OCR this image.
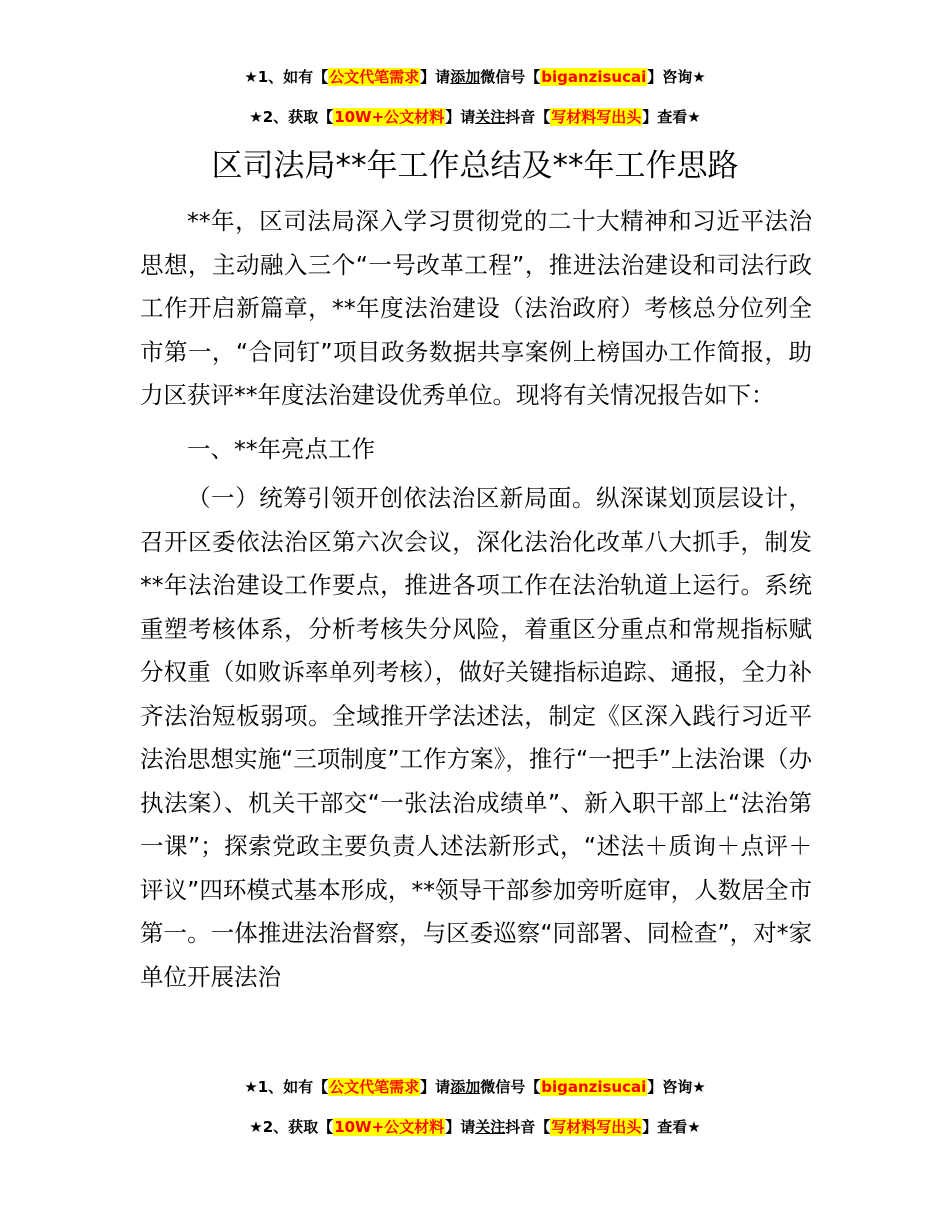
★1、如有【公文代笔需求】请添加微信号【biganzisucai】咨询★
★2、获取【10W+公文材料】请关注抖音【写材料写出头】查看★
区司法局**年工作总结及**年工作思路

**年，区司法局深入学习贯彻党的二十大精神和习近平法治思想，主动融入三个“一号改革工程”，推进法治建设和司法行政工作开启新篇章，**年度法治建设（法治政府）考核总分位列全市第一，“合同钉”项目政务数据共享案例上榜国办工作简报，助力区获评**年度法治建设优秀单位。现将有关情况报告如下：

一、**年亮点工作

（一）统筹引领开创依法治区新局面。纵深谋划顶层设计，召开区委依法治区第六次会议，深化法治化改革八大抓手，制发**年法治建设工作要点，推进各项工作在法治轨道上运行。系统重塑考核体系，分析考核失分风险，着重区分重点和常规指标赋分权重（如败诉率单列考核），做好关键指标追踪、通报，全力补齐法治短板弱项。全域推开学法述法，制定《区深入践行习近平法治思想实施“三项制度”工作方案》，推行“一把手”上法治课（办执法案）、机关干部交“一张法治成绩单”、新入职干部上“法治第一课”；探索党政主要负责人述法新形式，“述法＋质询＋点评＋评议”四环模式基本形成，**领导干部参加旁听庭审，人数居全市第一。一体推进法治督察，与区委巡察“同部署、同检查”，对*家单位开展法治

★1、如有【公文代笔需求】请添加微信号【biganzisucai】咨询★
★2、获取【10W+公文材料】请关注抖音【写材料写出头】查看★
